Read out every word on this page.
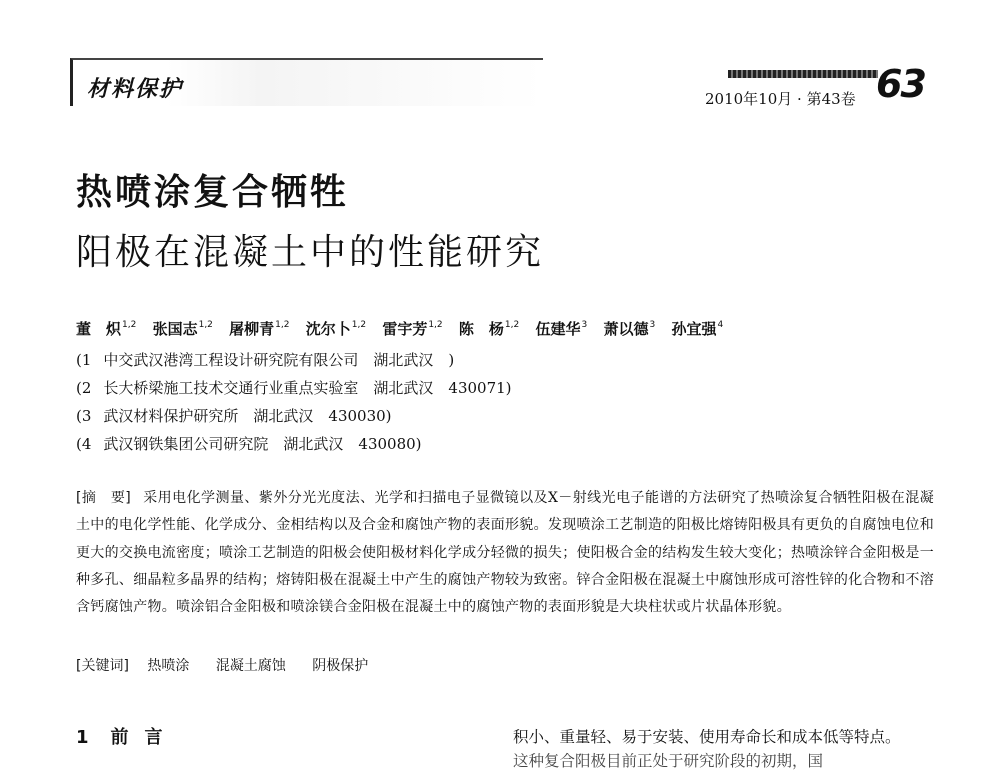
材料保护	2010年10月 · 第43卷 63
热喷涂复合牺牲
阳极在混凝土中的性能研究
董　炽$^{1,2}$ 张国志$^{1,2}$ 屠柳青$^{1,2}$ 沈尔卜$^{1,2}$ 雷宇芳$^{1,2}$ 陈　杨$^{1,2}$ 伍建华$^3$ 萧以德$^3$ 孙宜强$^4$
(1 中交武汉港湾工程设计研究院有限公司　湖北武汉　)
(2 长大桥梁施工技术交通行业重点实验室　湖北武汉　430071)
(3 武汉材料保护研究所　湖北武汉　430030)
(4 武汉钢铁集团公司研究院　湖北武汉　430080)
[摘　要] 采用电化学测量、紫外分光光度法、光学和扫描电子显微镜以及X－射线光电子能谱的方法研究了热喷涂复合牺牲阳极在混凝土中的电化学性能、化学成分、金相结构以及合金和腐蚀产物的表面形貌。发现喷涂工艺制造的阳极比熔铸阳极具有更负的自腐蚀电位和更大的交换电流密度；喷涂工艺制造的阳极会使阳极材料化学成分轻微的损失；使阳极合金的结构发生较大变化；热喷涂锌合金阳极是一种多孔、细晶粒多晶界的结构；熔铸阳极在混凝土中产生的腐蚀产物较为致密。锌合金阳极在混凝土中腐蚀形成可溶性锌的化合物和不溶含钙腐蚀产物。喷涂铝合金阳极和喷涂镁合金阳极在混凝土中的腐蚀产物的表面形貌是大块柱状或片状晶体形貌。
[关键词] 热喷涂 混凝土腐蚀 阴极保护
1 前言	积小、重量轻、易于安装、使用寿命长和成本低等特点。
这种复合阳极目前正处于研究阶段的初期，国
